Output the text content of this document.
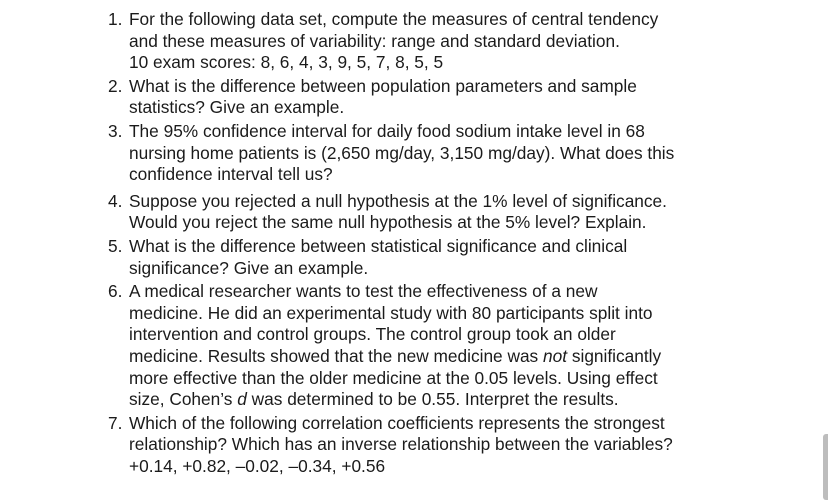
1. For the following data set, compute the measures of central tendency
and these measures of variability: range and standard deviation.
10 exam scores: 8, 6, 4, 3, 9, 5, 7, 8, 5, 5
2. What is the difference between population parameters and sample
statistics? Give an example.
3. The 95% confidence interval for daily food sodium intake level in 68
nursing home patients is (2,650 mg/day, 3,150 mg/day). What does this
confidence interval tell us?
4. Suppose you rejected a null hypothesis at the 1% level of significance.
Would you reject the same null hypothesis at the 5% level? Explain.
5. What is the difference between statistical significance and clinical
significance? Give an example.
6. A medical researcher wants to test the effectiveness of a new
medicine. He did an experimental study with 80 participants split into
intervention and control groups. The control group took an older
medicine. Results showed that the new medicine was not significantly
more effective than the older medicine at the 0.05 levels. Using effect
size, Cohen’s d was determined to be 0.55. Interpret the results.
7. Which of the following correlation coefficients represents the strongest
relationship? Which has an inverse relationship between the variables?
+0.14, +0.82, –0.02, –0.34, +0.56
